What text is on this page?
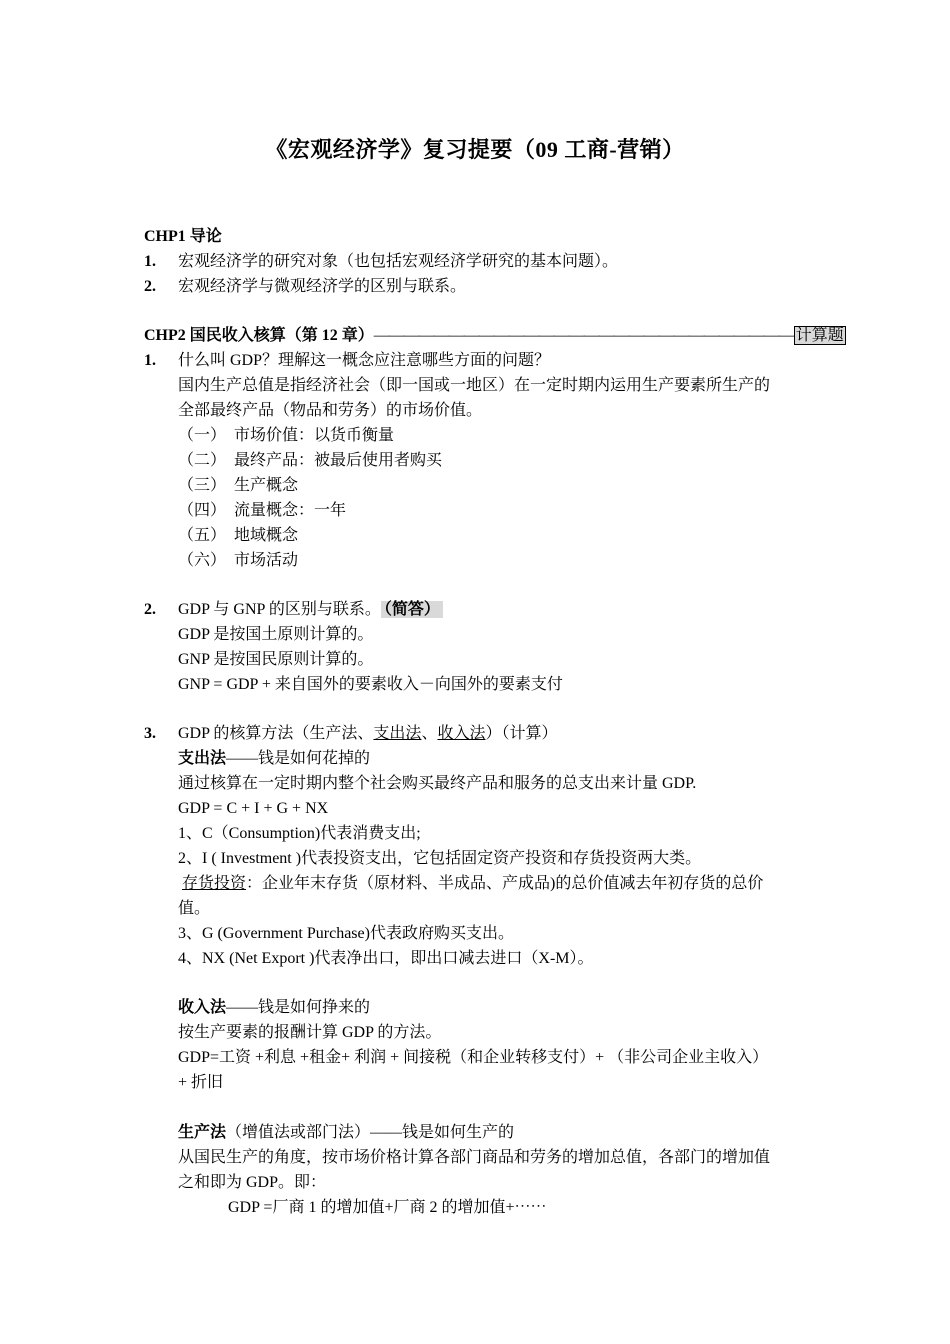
《宏观经济学》复习提要（09 工商-营销）
CHP1 导论
1. 宏观经济学的研究对象（也包括宏观经济学研究的基本问题）。
2. 宏观经济学与微观经济学的区别与联系。
CHP2 国民收入核算（第 12 章）———————————————————————————— 计算题
1. 什么叫 GDP？理解这一概念应注意哪些方面的问题？
国内生产总值是指经济社会（即一国或一地区）在一定时期内运用生产要素所生产的
全部最终产品（物品和劳务）的市场价值。
（一） 市场价值：以货币衡量
（二） 最终产品：被最后使用者购买
（三） 生产概念
（四） 流量概念：一年
（五） 地域概念
（六） 市场活动
2. GDP 与 GNP 的区别与联系。 （简答）
GDP 是按国土原则计算的。
GNP 是按国民原则计算的。
GNP = GDP + 来自国外的要素收入－向国外的要素支付
3. GDP 的核算方法（生产法、支出法、收入法）（计算）
支出法——钱是如何花掉的
通过核算在一定时期内整个社会购买最终产品和服务的总支出来计量 GDP.
GDP = C + I + G + NX
1、C（Consumption)代表消费支出;
2、I ( Investment )代表投资支出，它包括固定资产投资和存货投资两大类。
存货投资：企业年末存货（原材料、半成品、产成品)的总价值减去年初存货的总价
值。
3、G (Government Purchase)代表政府购买支出。
4、NX (Net Export )代表净出口，即出口减去进口（X-M）。
收入法——钱是如何挣来的
按生产要素的报酬计算 GDP 的方法。
GDP=工资 +利息 +租金+ 利润 + 间接税（和企业转移支付）+ （非公司企业主收入）
+ 折旧
生产法（增值法或部门法）——钱是如何生产的
从国民生产的角度，按市场价格计算各部门商品和劳务的增加总值，各部门的增加值
之和即为 GDP。即：
GDP =厂商 1 的增加值+厂商 2 的增加值+⋯⋯
